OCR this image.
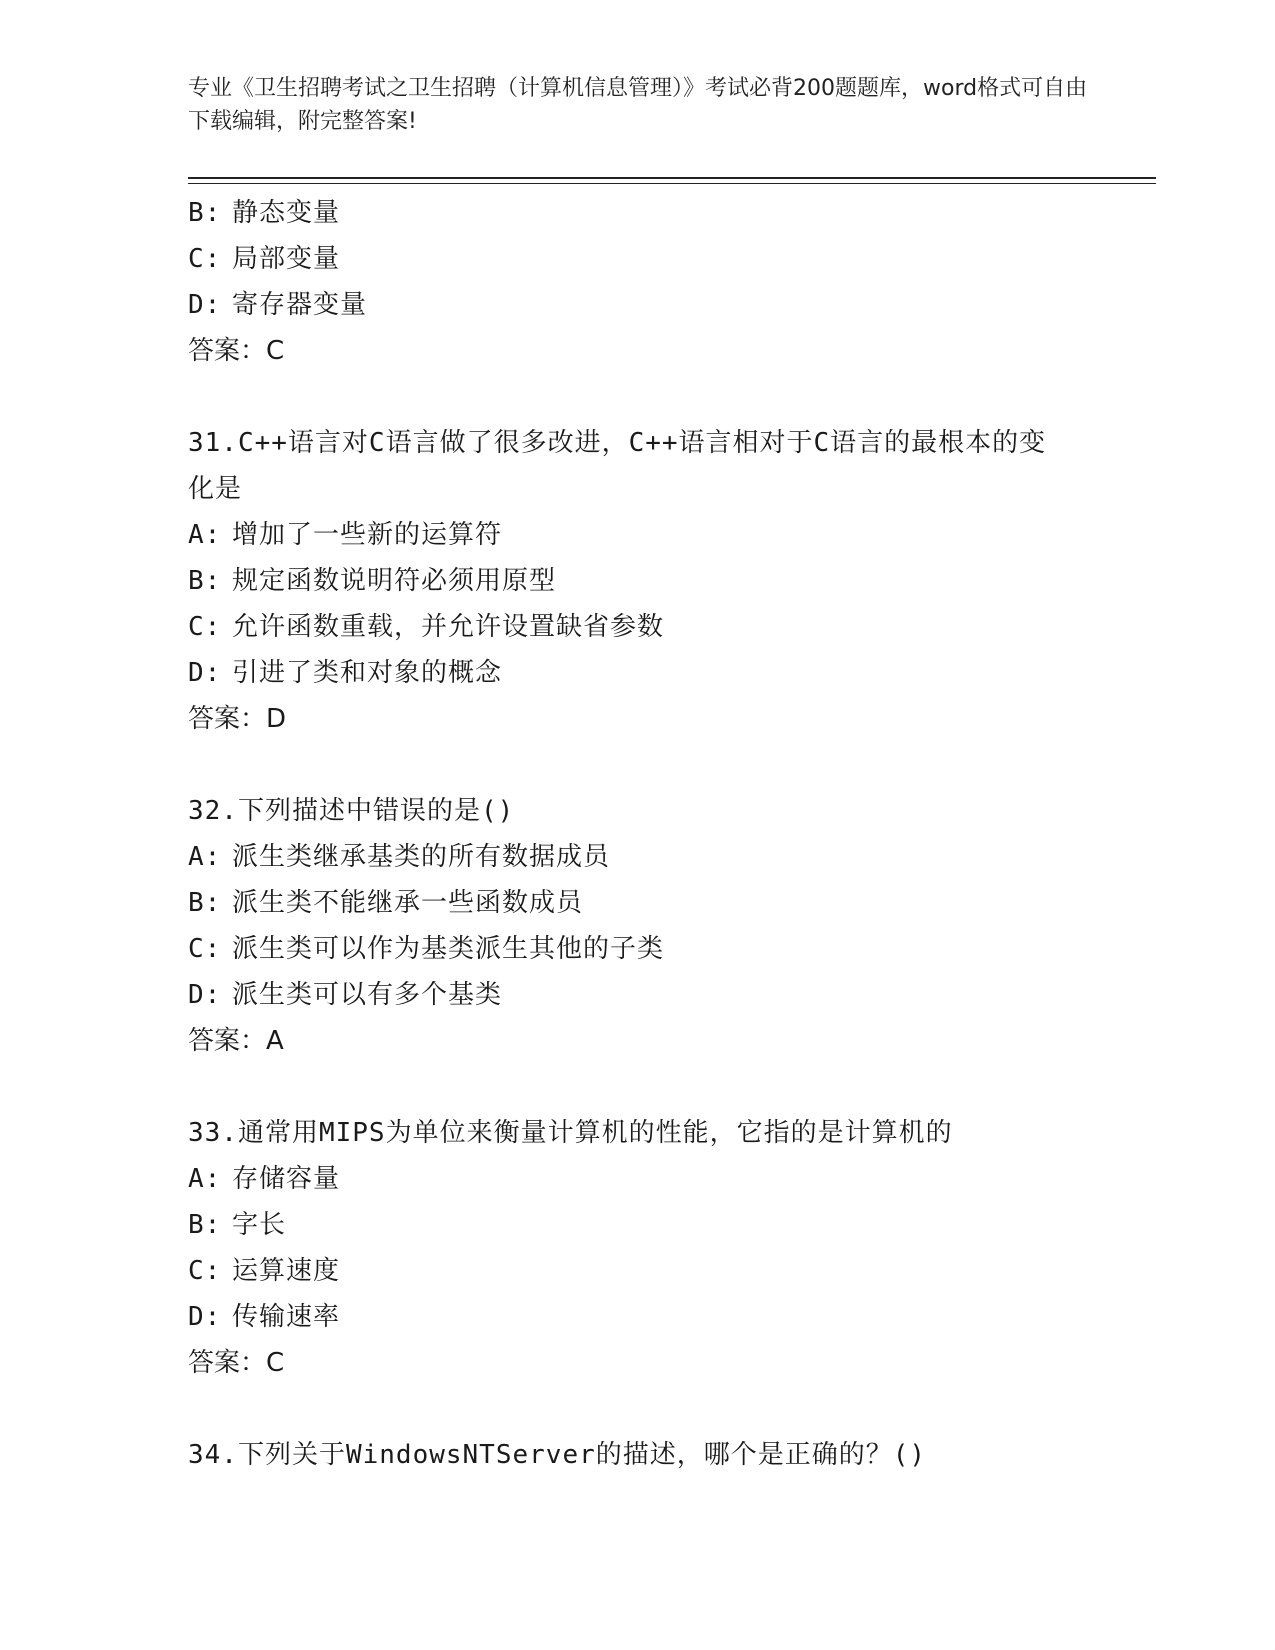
专业《卫生招聘考试之卫生招聘（计算机信息管理）》考试必背200题题库，word格式可自由下载编辑，附完整答案!
B: 静态变量
C: 局部变量
D: 寄存器变量
答案：C
31.C++语言对C语言做了很多改进，C++语言相对于C语言的最根本的变化是
A: 增加了一些新的运算符
B: 规定函数说明符必须用原型
C: 允许函数重载，并允许设置缺省参数
D: 引进了类和对象的概念
答案：D
32.下列描述中错误的是()
A: 派生类继承基类的所有数据成员
B: 派生类不能继承一些函数成员
C: 派生类可以作为基类派生其他的子类
D: 派生类可以有多个基类
答案：A
33.通常用MIPS为单位来衡量计算机的性能，它指的是计算机的
A: 存储容量
B: 字长
C: 运算速度
D: 传输速率
答案：C
34.下列关于WindowsNTServer的描述，哪个是正确的？()
